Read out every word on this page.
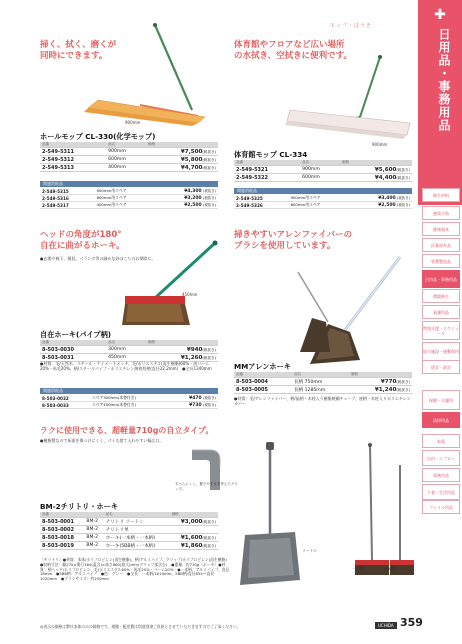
✚
日用品・事務用品
衛生材料
感染予防
健康器具
医薬部外品
装置製造品
日用品・事務用品
環境衛生
看護用品
特別支援・スケジュール
協力施設・運動保用
防災・防災
保健・介護用
清掃用品
家電
自由・エプロン
事務用品
下着・生活用品
ファイル用品
モップ・ほうき
掃く、拭く、磨くが
同時にできます。
900mm
ホールモップ CL-330(化学モップ)
品番	品名	価格
2-549-5311	900mm	¥7,500(税抜き)
2-549-5312	600mm	¥5,800(税抜き)
2-549-5313	400mm	¥4,700(税抜き)
関連消耗品
2-549-5315	900mm用スペア	¥4,300 (税抜き)
2-549-5316	600mm用スペア	¥3,200 (税抜き)
2-549-5317	400mm用スペア	¥2,500 (税抜き)
体育館やフロアなど広い場所
の水拭き、空拭きに便利です。
900mm
体育館モップ CL-334
品番	品名	価格
2-549-5321	900mm	¥5,600(税抜き)
2-549-5322	600mm	¥4,400(税抜き)
関連消耗品
2-549-5325	900mm用スペア	¥3,400 (税抜き)
2-549-5326	600mm用スペア	¥2,500 (税抜き)
ヘッドの角度が180°
自在に曲がるホーキ。
●玄関や廊下、階段、ベランダ等の細かな砂ほこりのお掃除に。
450mm
自在ホーキ(パイプ柄)
品番	品名	価格
8-503-0030	300mm	¥940(税抜き)
8-503-0031	450mm	¥1,260(税抜き)
●材質：毛/天然木、スチール・ケイメートメッキ、毛/ポリエステル(再生樹脂)60%・黒バーム20%・馬毛20%、柄/スチールパイプ・ポリエチレン焼着処理(直径22.2mm)　●全長1340mm
関連消耗品
8-503-0032	スペア300mm(本替付き)	¥470 (税抜き)
8-503-0033	スペア450mm(本替付き)	¥730 (税抜き)
掃きやすいアレンファイバーの
ブラシを使用しています。
MMアレンホーキ
品番	品名	価格
8-503-0004	長柄 750mm	¥770(税抜き)
8-503-0005	長柄 1285mm	¥1,240(税抜き)
●材質：毛/アレンファイバー、柄/晶柄・木柱入り樹脂焼鋼チューブ、座柄・木柱入りポリエチレンカバー
ラクに使用できる、超軽量710gの自立タイプ。
●樹脂製なので床面を傷つけにくく、ゴミも捨て入れやすい幅広口。
すべらにくく、握りやすさを考えたグリップ。
BM-2チリトリ・ホーキ
品番		品名	価格
8-503-0001	BM-2	チリトリ ソートン	¥3,000(税抜き)
8-503-0002	BM-2	チリトリ単	
8-503-0018	BM-2	ホーキ(一本柄・一本柄)	¥1,600(税抜き)
8-503-0019	BM-2	ホーキ(5BB柄・一本柄)	¥1,860(税抜き)
〈チリトリ〉●材質：本体/ポリプロピレン(再生樹脂)、柄/アルミパイプ、グリップ/ポリプロピレン(再生樹脂)　●収納寸法：幅270×奥行160(蓋含)×高さ860(最大)mm(グリップ部含む)　●重量：約710g〈ホーキ〉●材質：柄ヘッド/ポリプロピレン、毛/ポリエステル60%・馬毛20%・バーム20%　●一本柄：アルミパイプ、直径16mm　●5BB柄：アルミパイプ　●色：グレー　●全長：一本柄/1010mm、5BB柄/直径854～直長1020mm　●ブラシサイズ：約250mm
ソートン
一本柄	5BB柄
◎表示の価格は弊社本体のみの価格です。運搬・配送費は別途別途ご負担とさせていただきますのでご了承ください。	UCHIDA 359
